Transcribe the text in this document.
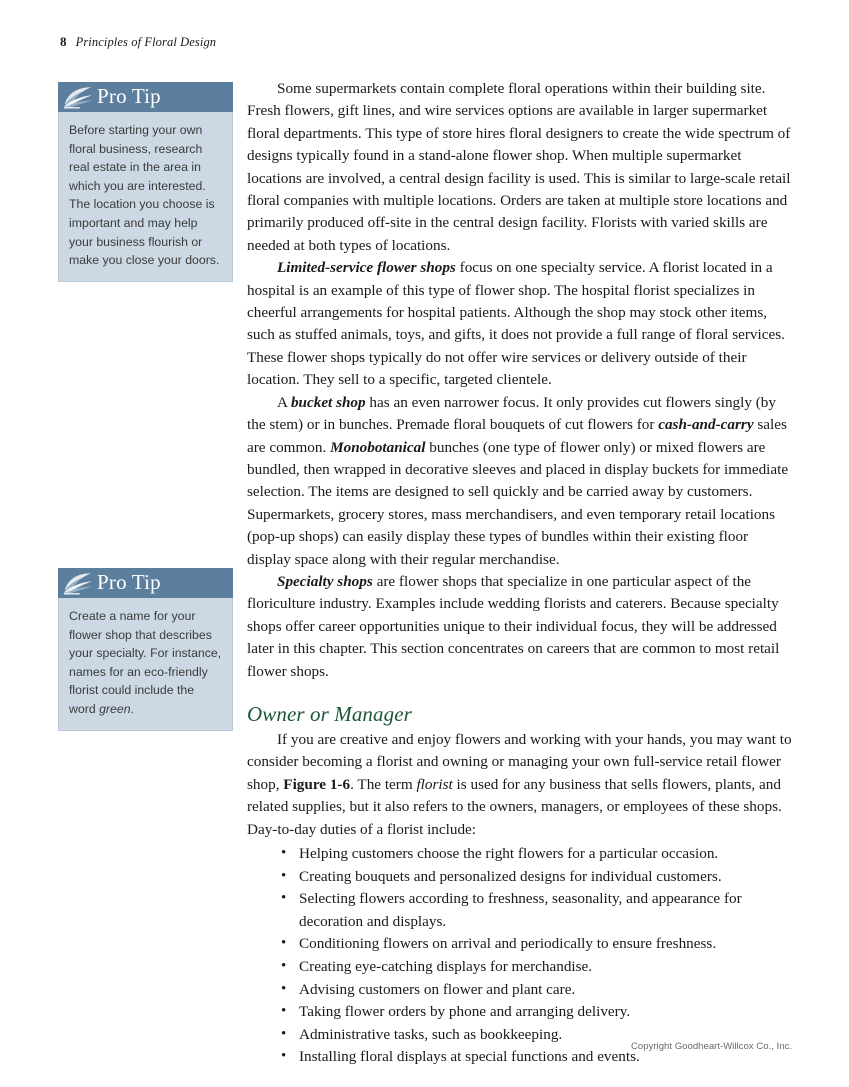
8 Principles of Floral Design
Pro Tip
Before starting your own floral business, research real estate in the area in which you are interested. The location you choose is important and may help your business flourish or make you close your doors.
Pro Tip
Create a name for your flower shop that describes your specialty. For instance, names for an eco-friendly florist could include the word green.

Some supermarkets contain complete floral operations within their building site. Fresh flowers, gift lines, and wire services options are available in larger supermarket floral departments. This type of store hires floral designers to create the wide spectrum of designs typically found in a stand-alone flower shop. When multiple supermarket locations are involved, a central design facility is used. This is similar to large-scale retail floral companies with multiple locations. Orders are taken at multiple store locations and primarily produced off-site in the central design facility. Florists with varied skills are needed at both types of locations.

Limited-service flower shops focus on one specialty service. A florist located in a hospital is an example of this type of flower shop. The hospital florist specializes in cheerful arrangements for hospital patients. Although the shop may stock other items, such as stuffed animals, toys, and gifts, it does not provide a full range of floral services. These flower shops typically do not offer wire services or delivery outside of their location. They sell to a specific, targeted clientele.

A bucket shop has an even narrower focus. It only provides cut flowers singly (by the stem) or in bunches. Premade floral bouquets of cut flowers for cash-and-carry sales are common. Monobotanical bunches (one type of flower only) or mixed flowers are bundled, then wrapped in decorative sleeves and placed in display buckets for immediate selection. The items are designed to sell quickly and be carried away by customers. Supermarkets, grocery stores, mass merchandisers, and even temporary retail locations (pop-up shops) can easily display these types of bundles within their existing floor display space along with their regular merchandise.

Specialty shops are flower shops that specialize in one particular aspect of the floriculture industry. Examples include wedding florists and caterers. Because specialty shops offer career opportunities unique to their individual focus, they will be addressed later in this chapter. This section concentrates on careers that are common to most retail flower shops.

Owner or Manager

If you are creative and enjoy flowers and working with your hands, you may want to consider becoming a florist and owning or managing your own full-service retail flower shop, Figure 1-6. The term florist is used for any business that sells flowers, plants, and related supplies, but it also refers to the owners, managers, or employees of these shops. Day-to-day duties of a florist include:

• Helping customers choose the right flowers for a particular occasion.
• Creating bouquets and personalized designs for individual customers.
• Selecting flowers according to freshness, seasonality, and appearance for decoration and displays.
• Conditioning flowers on arrival and periodically to ensure freshness.
• Creating eye-catching displays for merchandise.
• Advising customers on flower and plant care.
• Taking flower orders by phone and arranging delivery.
• Administrative tasks, such as bookkeeping.
• Installing floral displays at special functions and events.
Copyright Goodheart-Willcox Co., Inc.
